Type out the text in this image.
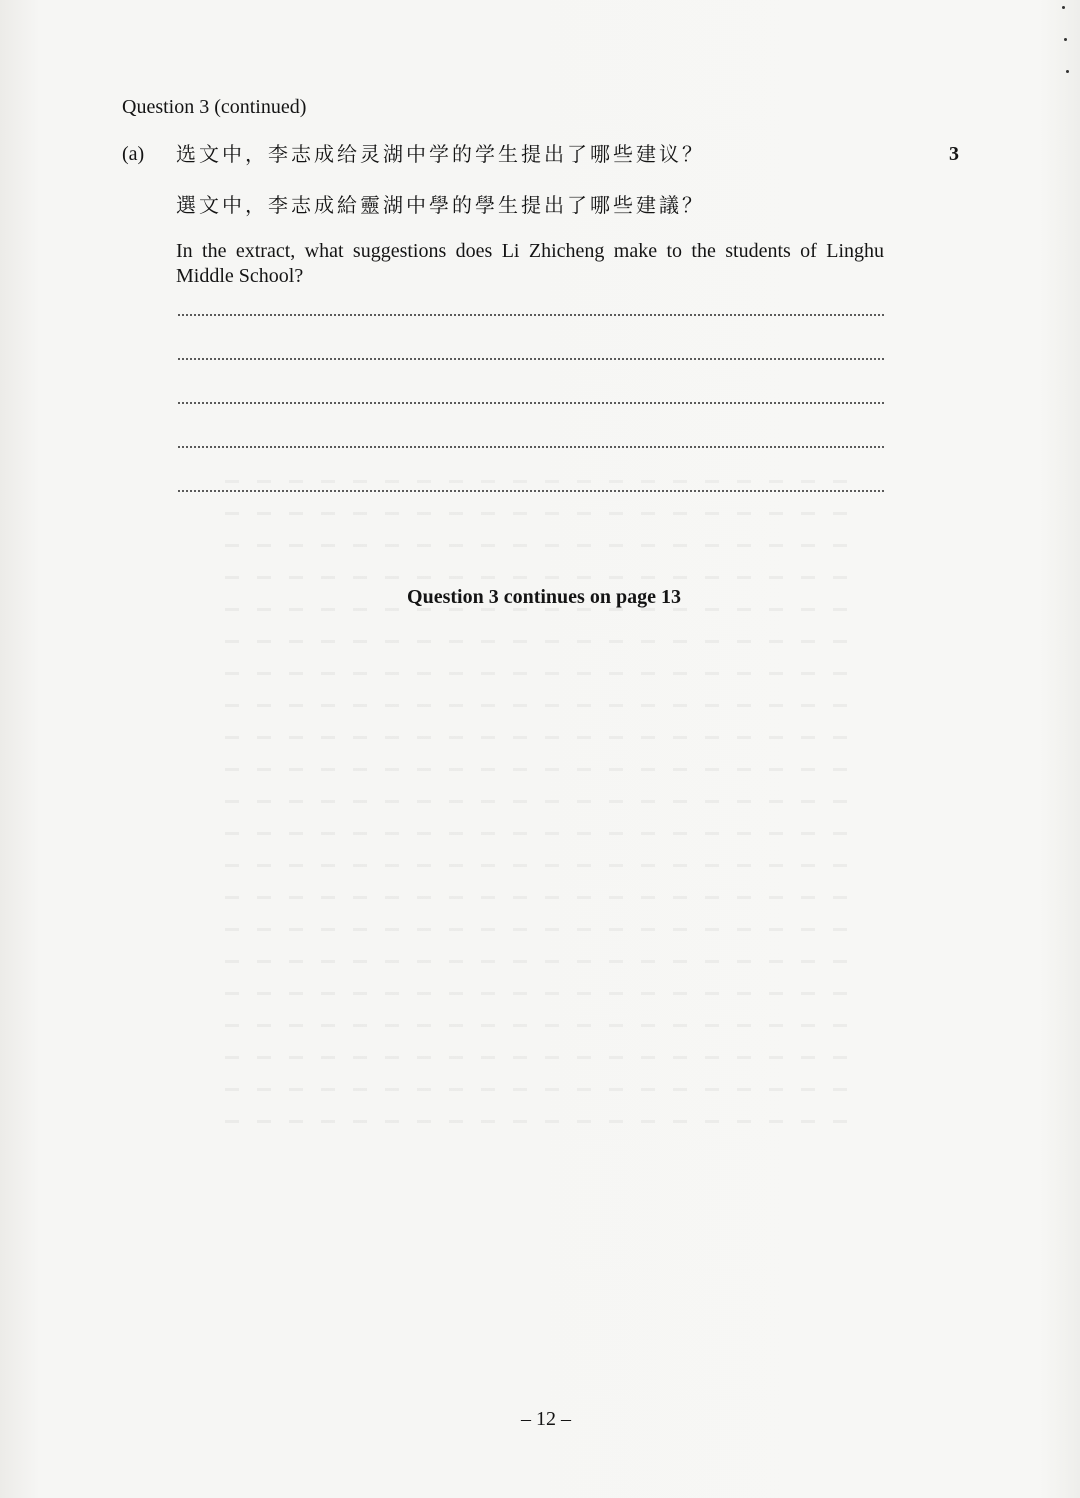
Question 3 (continued)
(a)	3
选文中，李志成给灵湖中学的学生提出了哪些建议？
選文中，李志成給靈湖中學的學生提出了哪些建議？
In the extract, what suggestions does Li Zhicheng make to the students of Linghu Middle School?
Question 3 continues on page 13
– 12 –
